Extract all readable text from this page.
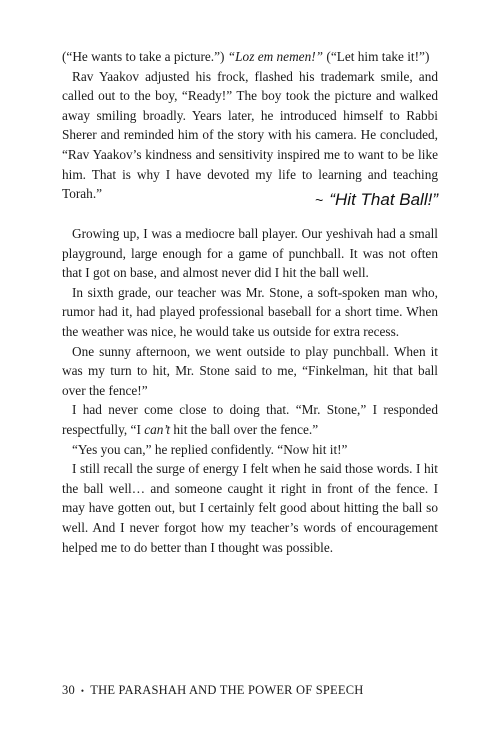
(“He wants to take a picture.”) “Loz em nemen!” (“Let him take it!”)

Rav Yaakov adjusted his frock, flashed his trademark smile, and called out to the boy, “Ready!” The boy took the picture and walked away smiling broadly. Years later, he introduced himself to Rabbi Sherer and reminded him of the story with his camera. He concluded, “Rav Yaakov’s kindness and sensitivity inspired me to want to be like him. That is why I have devoted my life to learning and teaching Torah.”	~ “Hit That Ball!”

Growing up, I was a mediocre ball player. Our yeshivah had a small playground, large enough for a game of punchball. It was not often that I got on base, and almost never did I hit the ball well.

In sixth grade, our teacher was Mr. Stone, a soft-spoken man who, rumor had it, had played professional baseball for a short time. When the weather was nice, he would take us outside for extra recess.

One sunny afternoon, we went outside to play punchball. When it was my turn to hit, Mr. Stone said to me, “Finkelman, hit that ball over the fence!”

I had never come close to doing that. “Mr. Stone,” I responded respectfully, “I can’t hit the ball over the fence.”

“Yes you can,” he replied confidently. “Now hit it!”

I still recall the surge of energy I felt when he said those words. I hit the ball well… and someone caught it right in front of the fence. I may have gotten out, but I certainly felt good about hitting the ball so well. And I never forgot how my teacher’s words of encouragement helped me to do better than I thought was possible.

30 • THE PARASHAH AND THE POWER OF SPEECH
